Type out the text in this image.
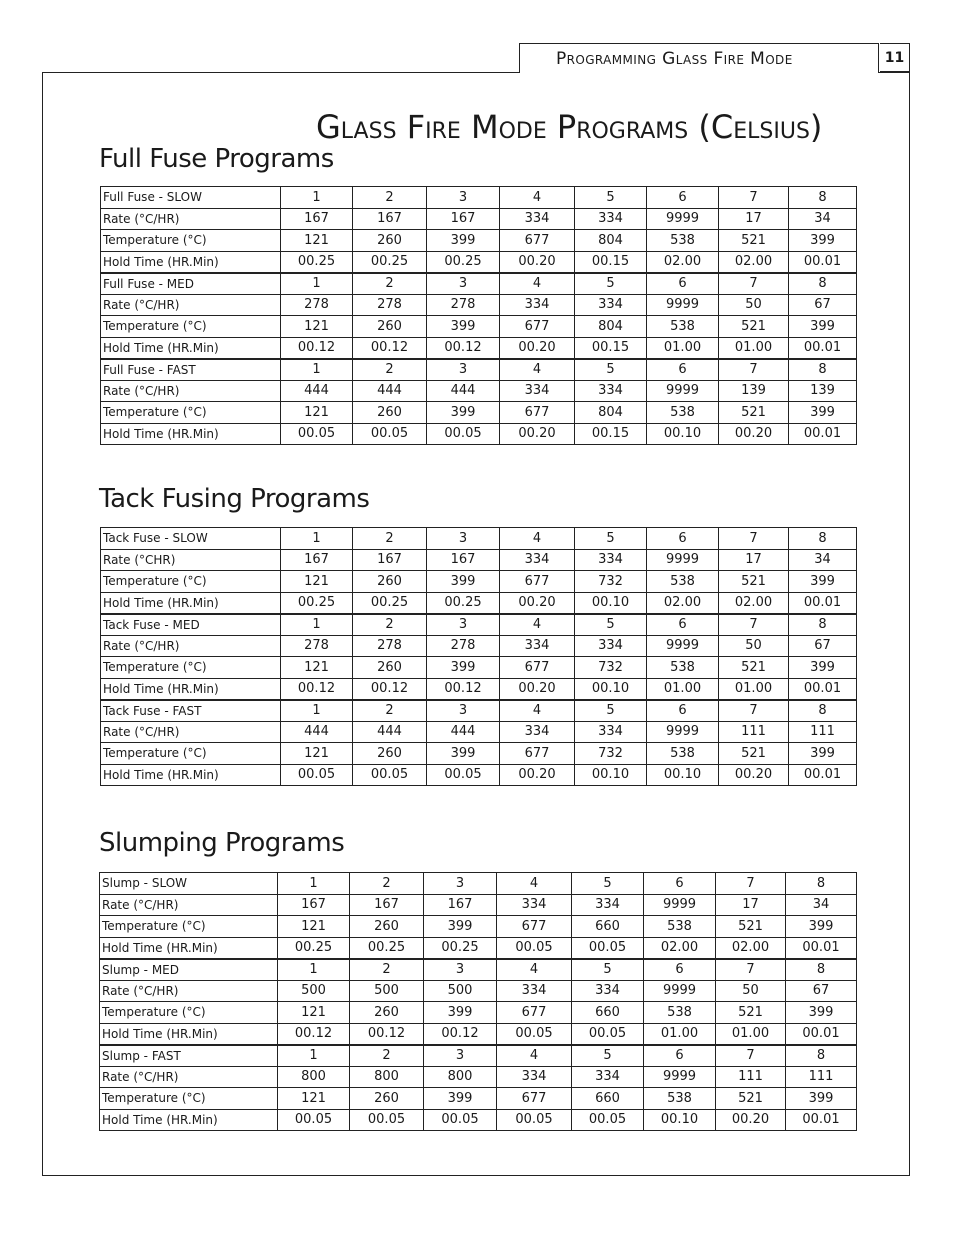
Programming Glass Fire Mode	11
Glass Fire Mode Programs (Celsius)
Full Fuse Programs
Full Fuse - SLOW	1	2	3	4	5	6	7	8
Rate (°C/HR)	167	167	167	334	334	9999	17	34
Temperature (°C)	121	260	399	677	804	538	521	399
Hold Time (HR.Min)	00.25	00.25	00.25	00.20	00.15	02.00	02.00	00.01
Full Fuse - MED	1	2	3	4	5	6	7	8
Rate (°C/HR)	278	278	278	334	334	9999	50	67
Temperature (°C)	121	260	399	677	804	538	521	399
Hold Time (HR.Min)	00.12	00.12	00.12	00.20	00.15	01.00	01.00	00.01
Full Fuse - FAST	1	2	3	4	5	6	7	8
Rate (°C/HR)	444	444	444	334	334	9999	139	139
Temperature (°C)	121	260	399	677	804	538	521	399
Hold Time (HR.Min)	00.05	00.05	00.05	00.20	00.15	00.10	00.20	00.01
Tack Fusing Programs
Tack Fuse - SLOW	1	2	3	4	5	6	7	8
Rate (°CHR)	167	167	167	334	334	9999	17	34
Temperature (°C)	121	260	399	677	732	538	521	399
Hold Time (HR.Min)	00.25	00.25	00.25	00.20	00.10	02.00	02.00	00.01
Tack Fuse - MED	1	2	3	4	5	6	7	8
Rate (°C/HR)	278	278	278	334	334	9999	50	67
Temperature (°C)	121	260	399	677	732	538	521	399
Hold Time (HR.Min)	00.12	00.12	00.12	00.20	00.10	01.00	01.00	00.01
Tack Fuse - FAST	1	2	3	4	5	6	7	8
Rate (°C/HR)	444	444	444	334	334	9999	111	111
Temperature (°C)	121	260	399	677	732	538	521	399
Hold Time (HR.Min)	00.05	00.05	00.05	00.20	00.10	00.10	00.20	00.01
Slumping Programs
Slump - SLOW	1	2	3	4	5	6	7	8
Rate (°C/HR)	167	167	167	334	334	9999	17	34
Temperature (°C)	121	260	399	677	660	538	521	399
Hold Time (HR.Min)	00.25	00.25	00.25	00.05	00.05	02.00	02.00	00.01
Slump - MED	1	2	3	4	5	6	7	8
Rate (°C/HR)	500	500	500	334	334	9999	50	67
Temperature (°C)	121	260	399	677	660	538	521	399
Hold Time (HR.Min)	00.12	00.12	00.12	00.05	00.05	01.00	01.00	00.01
Slump - FAST	1	2	3	4	5	6	7	8
Rate (°C/HR)	800	800	800	334	334	9999	111	111
Temperature (°C)	121	260	399	677	660	538	521	399
Hold Time (HR.Min)	00.05	00.05	00.05	00.05	00.05	00.10	00.20	00.01
